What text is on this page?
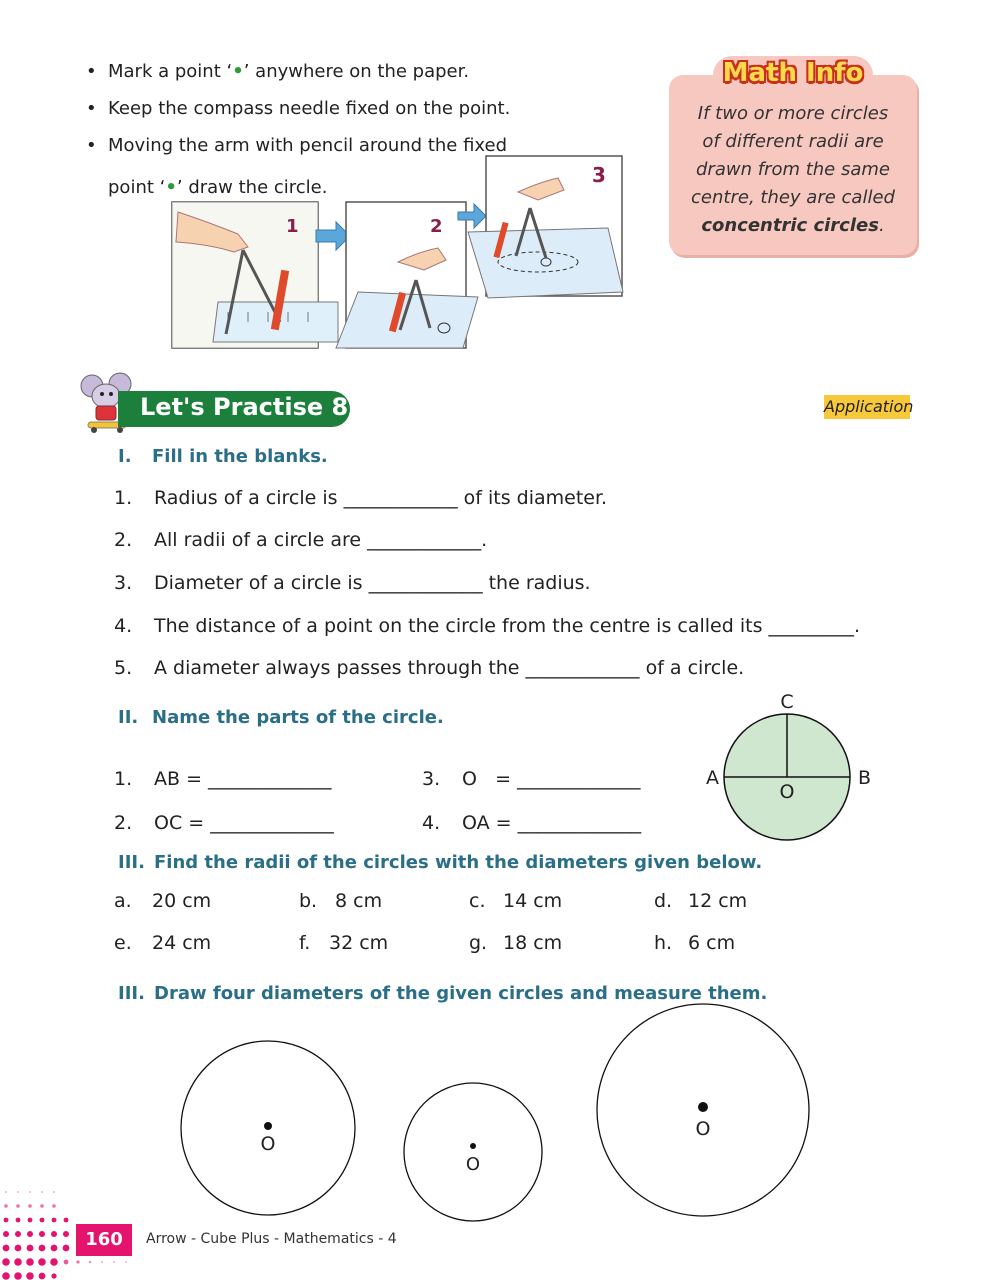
• Mark a point ‘•’ anywhere on the paper.
• Keep the compass needle fixed on the point.
• Moving the arm with pencil around the fixed
point ‘•’ draw the circle.
1	2
3
Math Info
If two or more circles
of different radii are
drawn from the same
centre, they are called
concentric circles.
Let's Practise 8.6	Application
I. Fill in the blanks.
1. Radius of a circle is ____________ of its diameter.
2. All radii of a circle are ____________.
3. Diameter of a circle is ____________ the radius.
4. The distance of a point on the circle from the centre is called its _________.
5. A diameter always passes through the ____________ of a circle.
II. Name the parts of the circle.
1. AB = _____________
2. OC = _____________
3. O   = _____________
4. OA = _____________
C
A	B
O
III. Find the radii of the circles with the diameters given below.
a. 20 cm	b. 8 cm	c. 14 cm	d. 12 cm
e. 24 cm	f. 32 cm	g. 18 cm	h. 6 cm
III. Draw four diameters of the given circles and measure them.
O
O
O
160	Arrow - Cube Plus - Mathematics - 4
